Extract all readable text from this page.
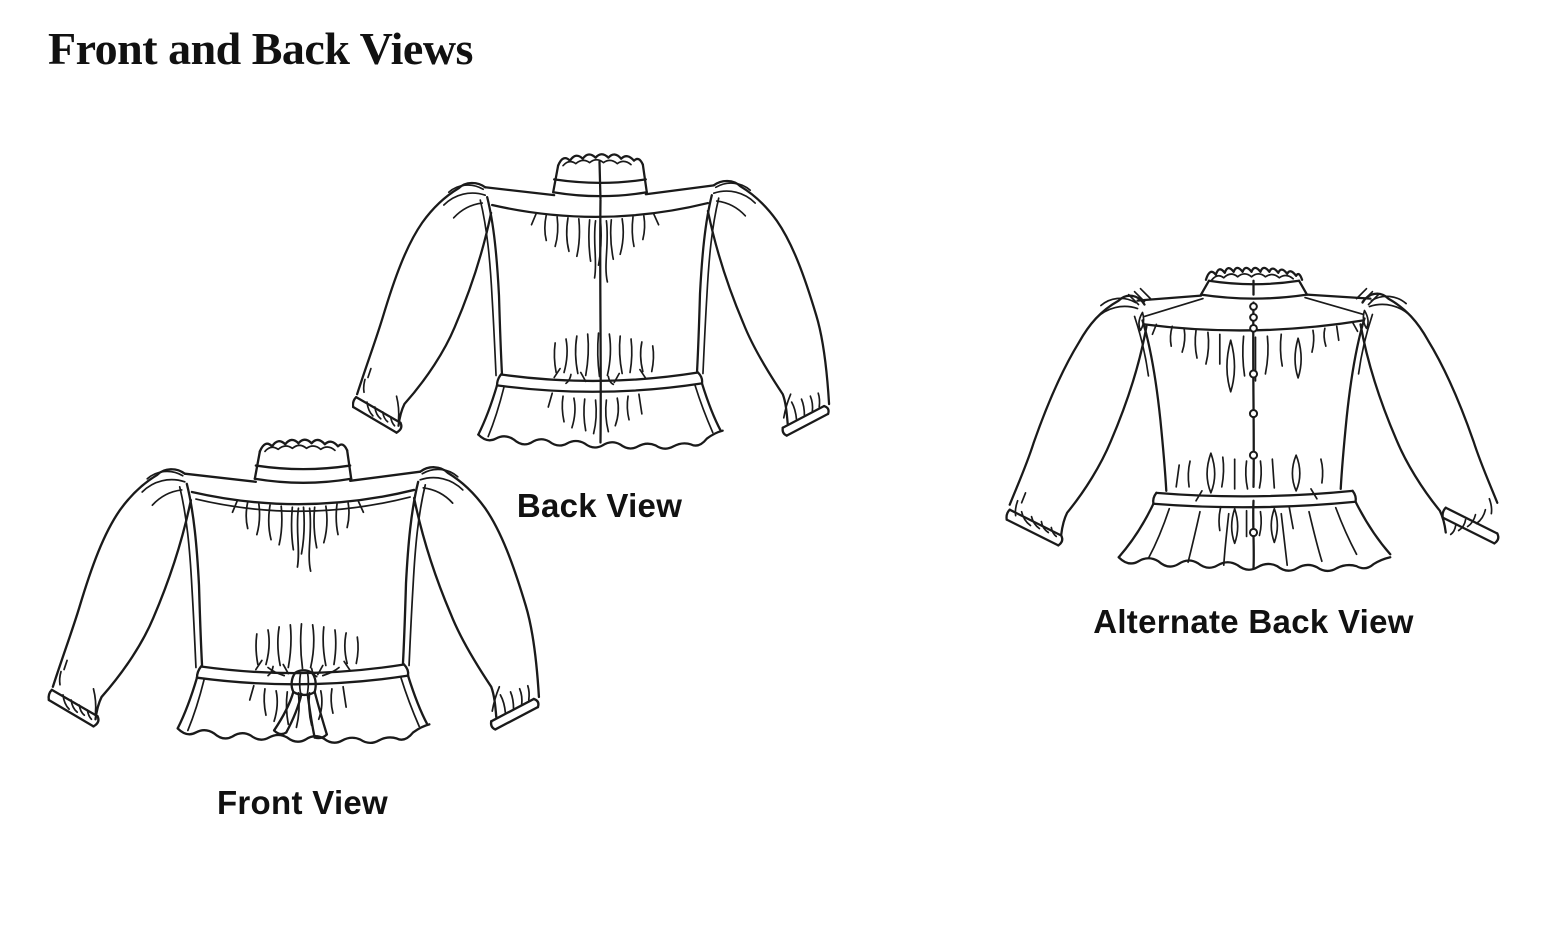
Front and Back Views
Back View
Front View
Alternate Back View
